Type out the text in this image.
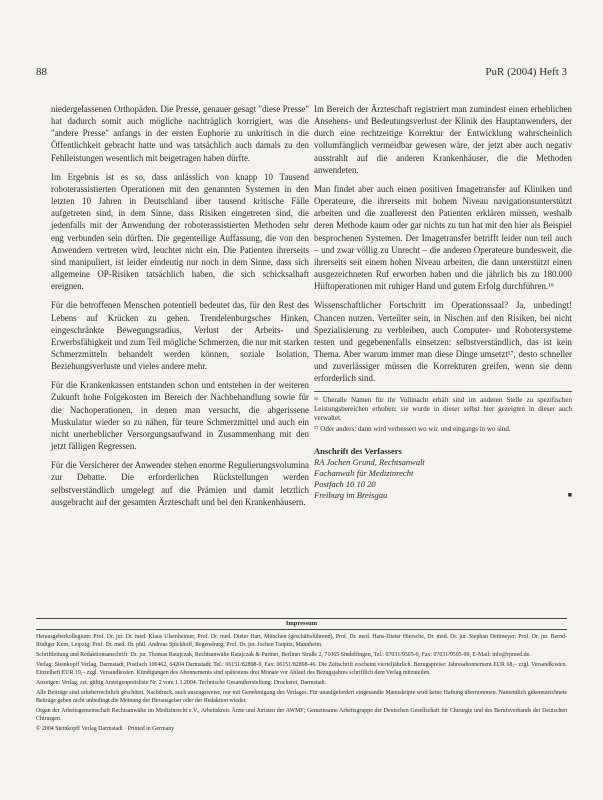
88	PuR (2004) Heft 3

niedergelassenen Orthopäden. Die Presse, genauer gesagt "diese Presse" hat dadurch somit auch mögliche nachträglich korrigiert, was die "andere Presse" anfangs in der ersten Euphorie zu unkritisch in die Öffentlichkeit gebracht hatte und was tatsächlich auch damals zu den Fehlleistungen wesentlich mit beigetragen haben dürfte.

Im Ergebnis ist es so, dass anlässlich von knapp 10 Tausend roboterassistierten Operationen mit den genannten Systemen in den letzten 10 Jahren in Deutschland über tausend kritische Fälle aufgetreten sind, in dem Sinne, dass Risiken eingetreten sind, die jedenfalls mit der Anwendung der roboterassistierten Methoden sehr eng verbunden sein dürften. Die gegenteilige Auffassung, die von den Anwendern vertreten wird, leuchtet nicht ein. Die Patienten ihrerseits sind manipuliert, ist leider eindeutig nur noch in dem Sinne, dass sich allgemeine OP-Risiken tatsächlich haben, die sich schicksalhaft ereignen.

Für die betroffenen Menschen potentiell bedeutet das, für den Rest des Lebens auf Krücken zu gehen. Trendelenburgsches Hinken, eingeschränkte Bewegungsradius, Verlust der Arbeits- und Erwerbsfähigkeit und zum Teil mögliche Schmerzen, die nur mit starken Schmerzmitteln behandelt werden können, soziale Isolation, Beziehungsverluste und vieles andere mehr.

Für die Krankenkassen entstanden schon und entstehen in der weiteren Zukunft hohe Folgekosten im Bereich der Nachbehandlung sowie für die Nachoperationen, in denen man versucht, die abgerissene Muskulatur wieder so zu nähen, für teure Schmerzmittel und auch ein nicht unerheblicher Versorgungsaufwand in Zusammenhang mit den jetzt fälligen Regressen.

Für die Versicherer der Anwender stehen enorme Regulierungsvolumina zur Debatte. Die erforderlichen Rückstellungen werden selbstverständlich umgelegt auf die Prämien und damit letztlich ausgebracht auf der gesamten Ärzteschaft und bei den Krankenhäusern.

Im Bereich der Ärzteschaft registriert man zumindest einen erheblichen Ansehens- und Bedeutungsverlust der Klinik des Hauptanwenders, der durch eine rechtzeitige Korrektur der Entwicklung wahrscheinlich vollumfänglich vermeidbar gewesen wäre, der jetzt aber auch negativ ausstrahlt auf die anderen Krankenhäuser, die die Methoden anwendeten.

Man findet aber auch einen positiven Imagetransfer auf Kliniken und Operateure, die ihrerseits mit hohem Niveau navigationsunterstützt arbeiten und die zuallererst den Patienten erklären müssen, weshalb deren Methode kaum oder gar nichts zu tun hat mit den hier als Beispiel besprochenen Systemen. Der Imagetransfer betrifft leider nun teil auch – und zwar völlig zu Unrecht – die anderen Operateure bundesweit, die ihrerseits seit einem hohen Niveau arbeiten, die dann unterstützt einen ausgezeichneten Ruf erworben haben und die jährlich bis zu 180.000 Hüftoperationen mit ruhiger Hand und gutem Erfolg durchführen.¹⁶

Wissenschaftlicher Fortschritt im Operationssaal? Ja, unbedingt! Chancen nutzen. Verteilter sein, in Nischen auf den Risiken, bei nicht Spezialisierung zu verbleiben, auch Computer- und Robotersysteme testen und gegebenenfalls einsetzen: selbstverständlich, das ist kein Thema. Aber warum immer man diese Dinge umsetzt¹⁷, desto schneller und zuverlässiger müssen die Korrekturen greifen, wenn sie denn erforderlich sind.

¹⁶ Überalle Namen für ihr Vollmacht erhält sind im anderen Stelle zu spezifischen Leistungsbereichen erhoben; sie wurde in dieser selbst hier gezeigten in dieser auch verwaltet.

¹⁷ Oder anders: dann wird verbessert wo wir. und eingangs in wo sind.

Anschrift des Verfassers
RA Jochen Grund, Rechtsanwalt
Fachanwalt für Medizinrecht
Postfach 10 10 20
Freiburg im Breisgau	■
Impressum

Herausgeberkollegium: Prof. Dr. jur. Dr. med. Klaus Ulsenheimer, Prof. Dr. med. Dieter Hart, München (geschäftsführend), Prof. Dr. med. Hans-Dieter Hiersche, Dr. med. Dr. jur. Stephan Dettmeyer; Prof. Dr. jur. Bernd-Rüdiger Kern, Leipzig; Prof. Dr. med. Dr. phil. Andreas Spickhoff, Regensburg; Prof. Dr. jur. Jochen Taupitz, Mannheim.

Schriftleitung und Redaktionsanschrift: Dr. jur. Thomas Ratajczak, Rechtsanwälte Ratajczak & Partner, Berliner Straße 2, 71065 Sindelfingen, Tel.: 07031/9505-0, Fax: 07031/9505-99, E-Mail: info@rpmed.de.

Verlag: Steinkopff Verlag, Darmstadt, Postfach 100462, 64204 Darmstadt; Tel.: 06151/82898-0, Fax: 06151/82898-46. Die Zeitschrift erscheint vierteljährlich. Bezugspreise: Jahresabonnement EUR 68,– zzgl. Versandkosten. Einzelheft EUR 19,– zzgl. Versandkosten. Kündigungen des Abonnements sind spätestens drei Monate vor Ablauf des Bezugsjahres schriftlich dem Verlag mitzuteilen.

Anzeigen: Verlag, zzt. gültig Anzeigenpreisliste Nr. 2 vom 1.1.2004. Technische Gesamtherstellung: Druckerei, Darmstadt.

Alle Beiträge sind urheberrechtlich geschützt. Nachdruck, auch auszugsweise, nur mit Genehmigung des Verlages. Für unaufgefordert eingesandte Manuskripte wird keine Haftung übernommen. Namentlich gekennzeichnete Beiträge geben nicht unbedingt die Meinung der Herausgeber oder der Redaktion wieder.

Organ der Arbeitsgemeinschaft Rechtsanwälte im Medizinrecht e.V., Arbeitskreis Ärzte und Juristen der AWMF; Gemeinsame Arbeitsgruppe der Deutschen Gesellschaft für Chirurgie und des Berufsverbands der Deutschen Chirurgen.

© 2004 Steinkopff Verlag Darmstadt · Printed in Germany
